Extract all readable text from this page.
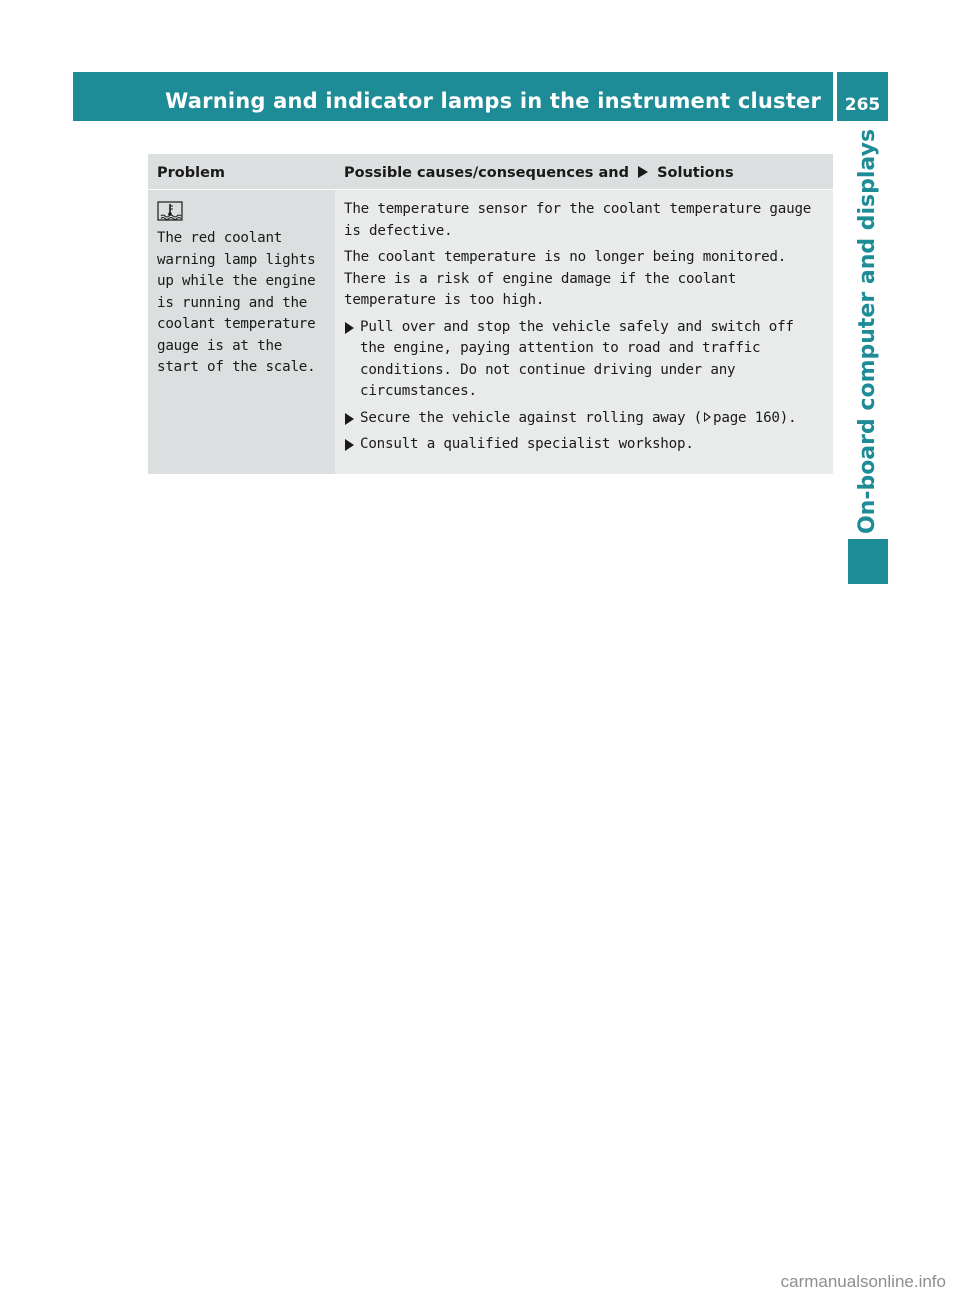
Warning and indicator lamps in the instrument cluster	265
On-board computer and displays
Problem	Possible causes/consequences and Solutions

The red coolant warning lamp lights up while the engine is running and the coolant temperature gauge is at the start of the scale.	The temperature sensor for the coolant temperature gauge is defective.

The coolant temperature is no longer being monitored. There is a risk of engine damage if the coolant temperature is too high.

Pull over and stop the vehicle safely and switch off the engine, paying attention to road and traffic conditions. Do not continue driving under any circumstances.
Secure the vehicle against rolling away ( page 160).
Consult a qualified specialist workshop.
carmanualsonline.info
